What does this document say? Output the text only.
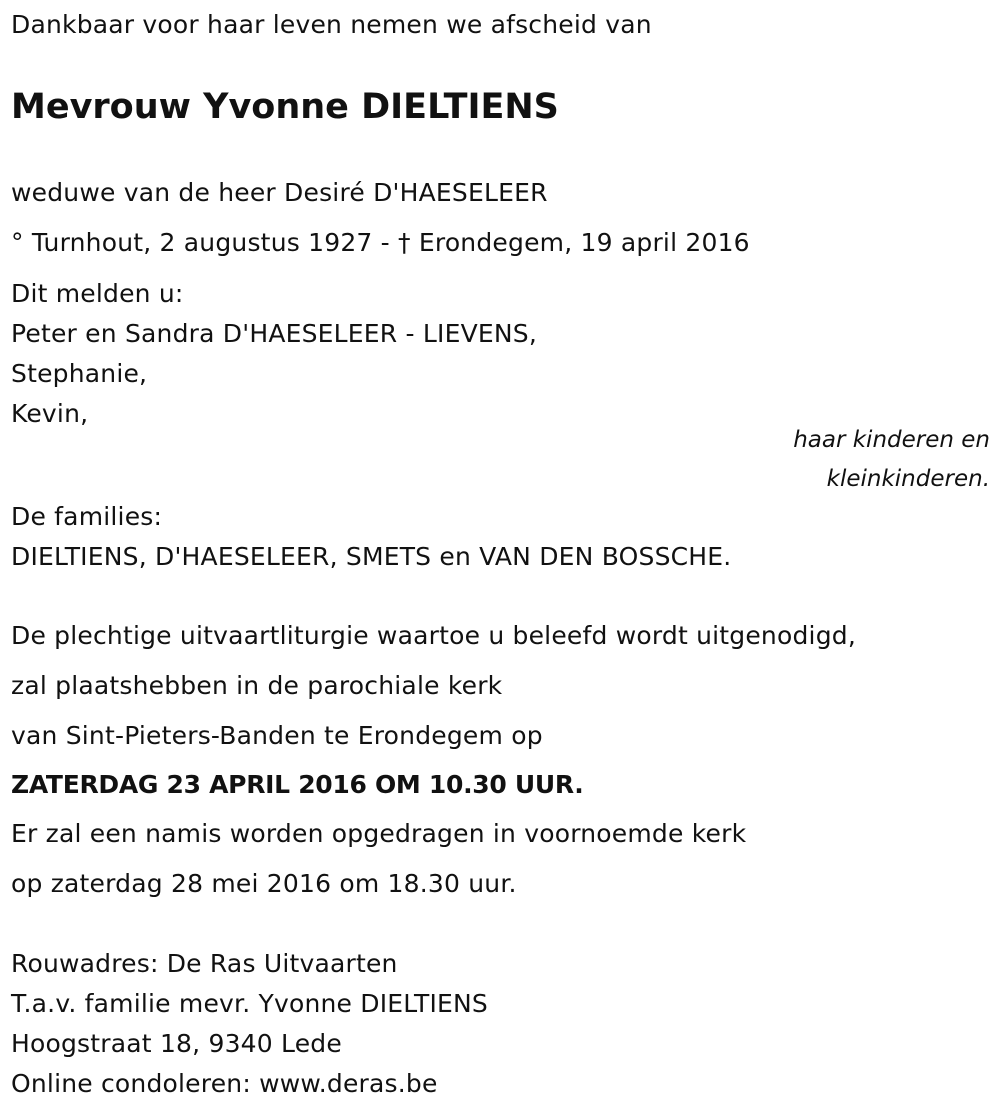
Dankbaar voor haar leven nemen we afscheid van
Mevrouw Yvonne DIELTIENS
weduwe van de heer Desiré D'HAESELEER
° Turnhout, 2 augustus 1927 - † Erondegem, 19 april 2016
Dit melden u:
Peter en Sandra D'HAESELEER - LIEVENS,
Stephanie,
Kevin,
haar kinderen en
kleinkinderen.
De families:
DIELTIENS, D'HAESELEER, SMETS en VAN DEN BOSSCHE.
De plechtige uitvaartliturgie waartoe u beleefd wordt uitgenodigd,
zal plaatshebben in de parochiale kerk
van Sint-Pieters-Banden te Erondegem op
ZATERDAG 23 APRIL 2016 OM 10.30 UUR.
Er zal een namis worden opgedragen in voornoemde kerk
op zaterdag 28 mei 2016 om 18.30 uur.
Rouwadres: De Ras Uitvaarten
T.a.v. familie mevr. Yvonne DIELTIENS
Hoogstraat 18, 9340 Lede
Online condoleren: www.deras.be
